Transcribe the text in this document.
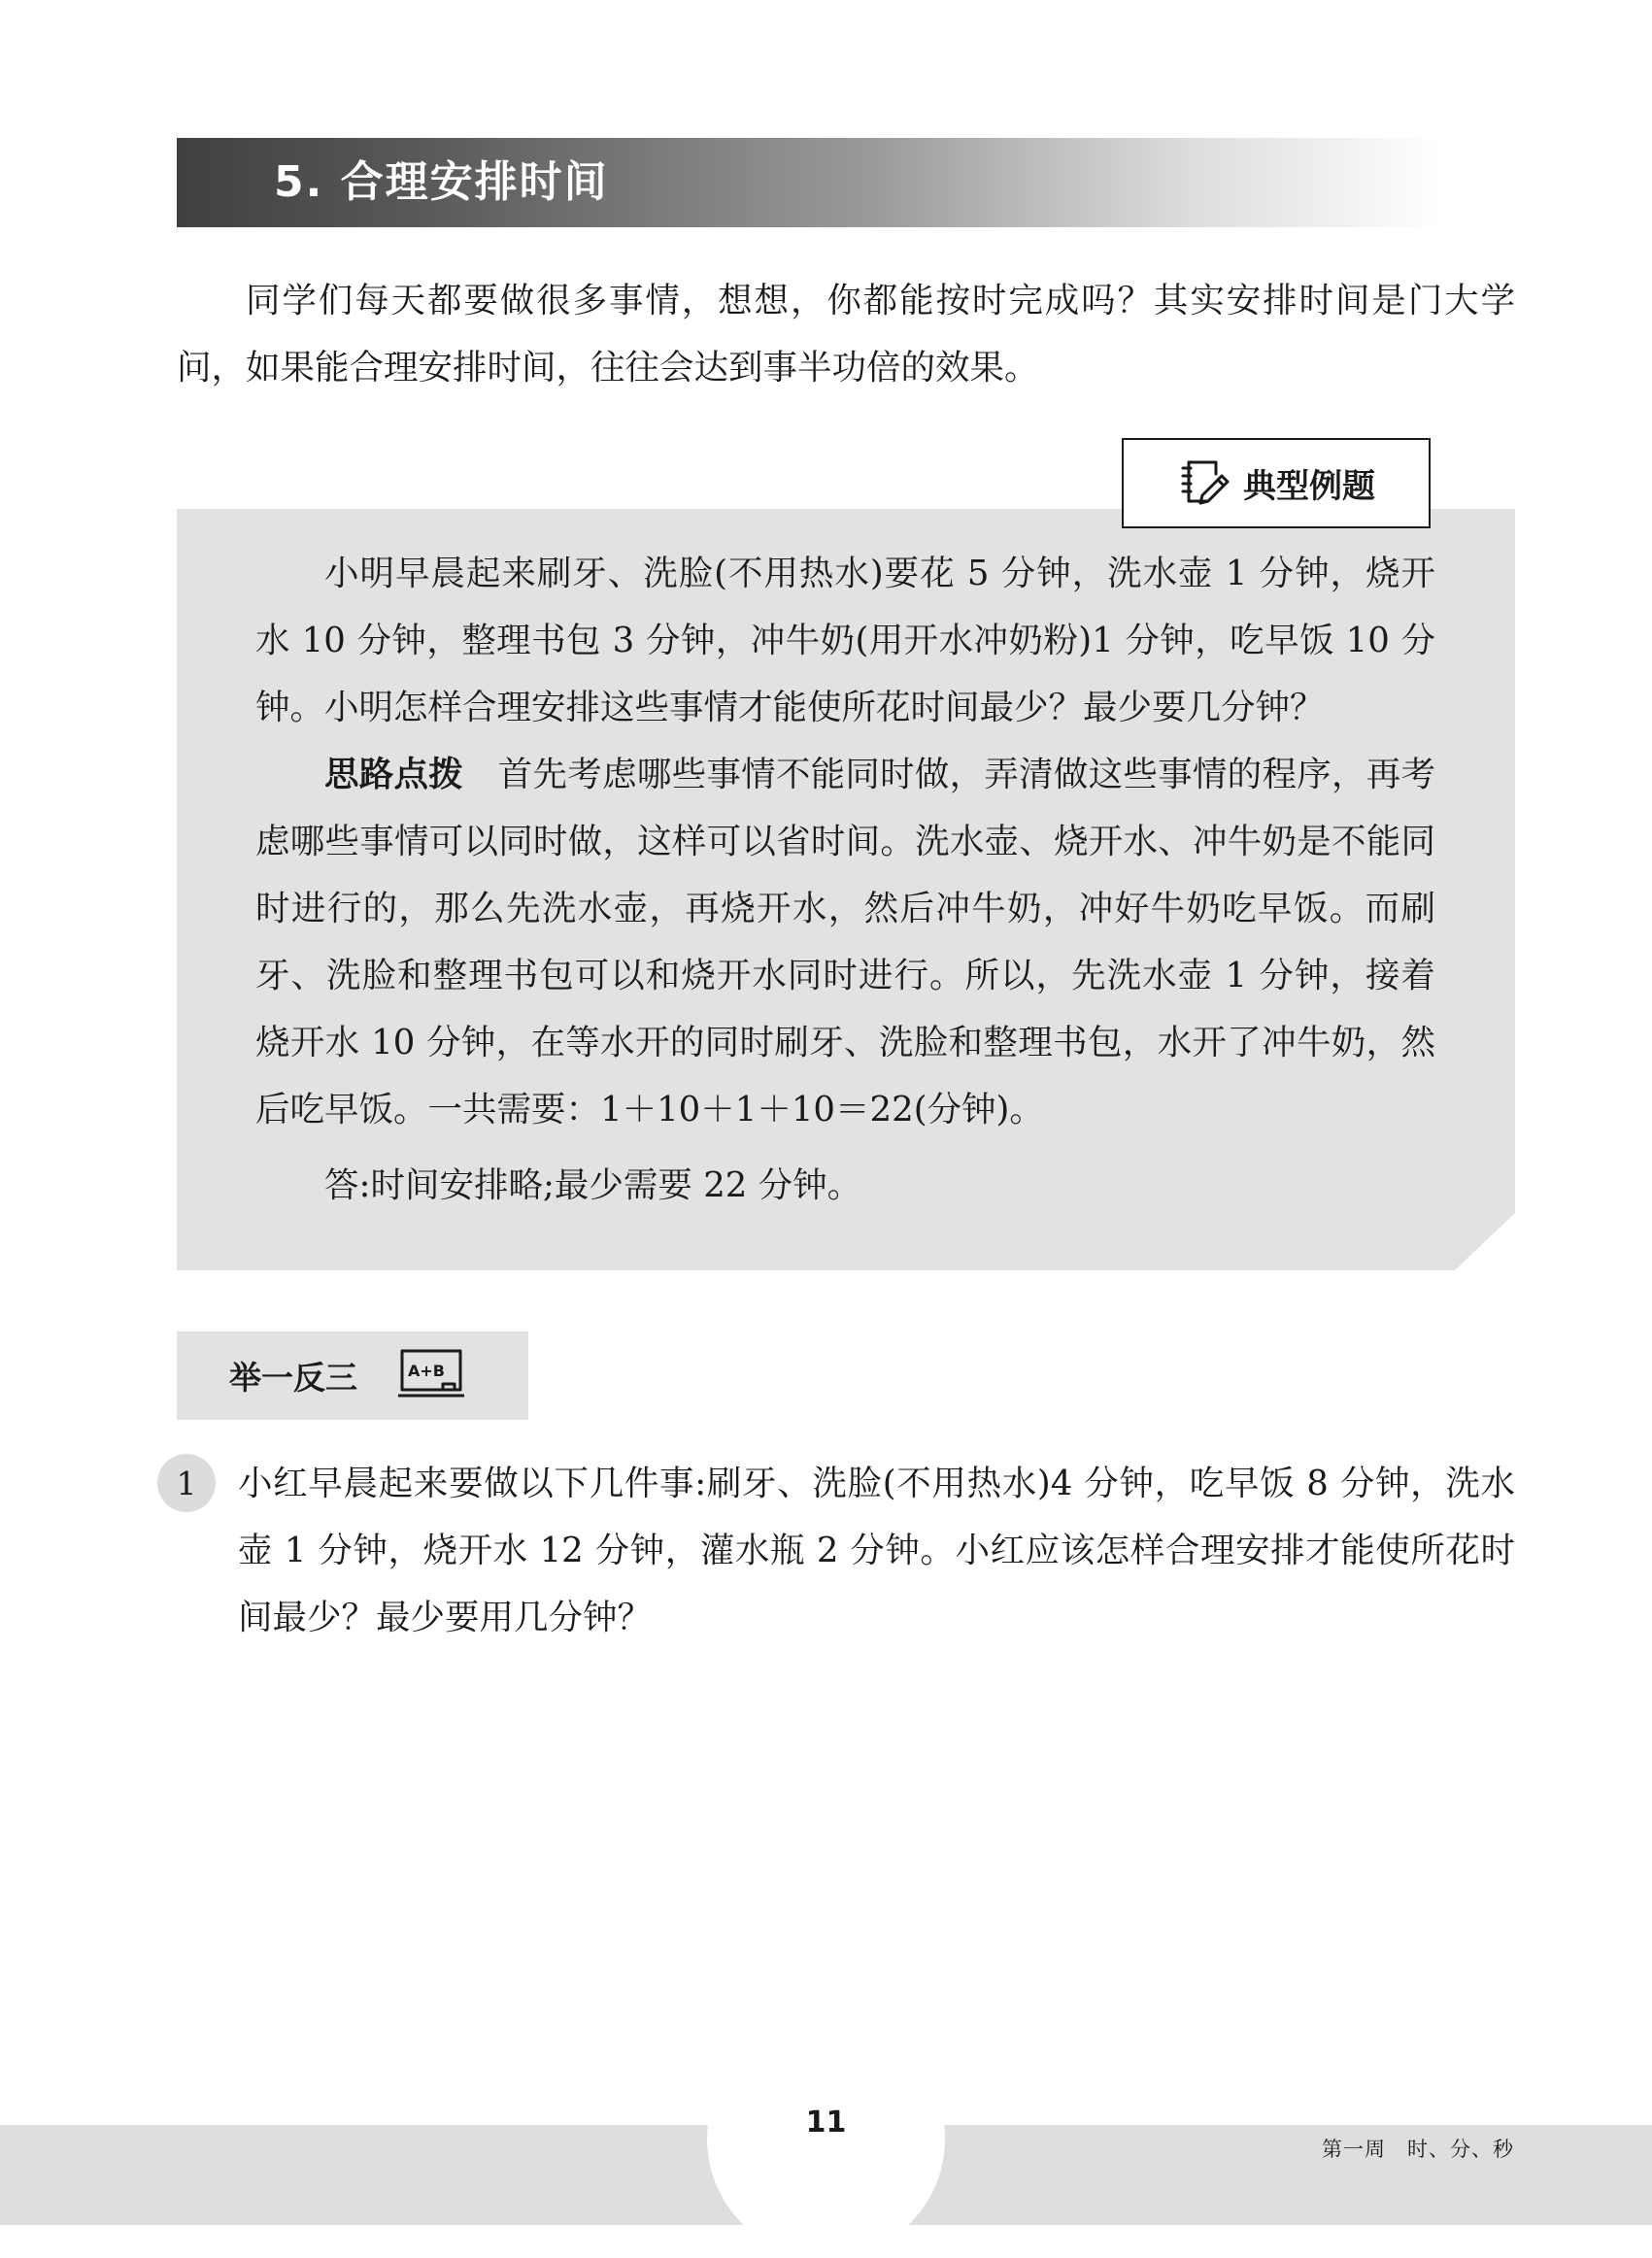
5. 合理安排时间

同学们每天都要做很多事情，想想，你都能按时完成吗？其实安排时间是门大学问，如果能合理安排时间，往往会达到事半功倍的效果。

典型例题

小明早晨起来刷牙、洗脸(不用热水)要花 5 分钟，洗水壶 1 分钟，烧开水 10 分钟，整理书包 3 分钟，冲牛奶(用开水冲奶粉)1 分钟，吃早饭 10 分钟。小明怎样合理安排这些事情才能使所花时间最少？最少要几分钟？

思路点拨　 首先考虑哪些事情不能同时做，弄清做这些事情的程序，再考虑哪些事情可以同时做，这样可以省时间。洗水壶、烧开水、冲牛奶是不能同时进行的，那么先洗水壶，再烧开水，然后冲牛奶，冲好牛奶吃早饭。而刷牙、洗脸和整理书包可以和烧开水同时进行。所以，先洗水壶 1 分钟，接着烧开水 10 分钟，在等水开的同时刷牙、洗脸和整理书包，水开了冲牛奶，然后吃早饭。一共需要：1＋10＋1＋10＝22(分钟)。

答:时间安排略;最少需要 22 分钟。

举一反三	A+B
1	小红早晨起来要做以下几件事:刷牙、洗脸(不用热水)4 分钟，吃早饭 8 分钟，洗水壶 1 分钟，烧开水 12 分钟，灌水瓶 2 分钟。小红应该怎样合理安排才能使所花时间最少？最少要用几分钟？

11
第一周　时、分、秒
